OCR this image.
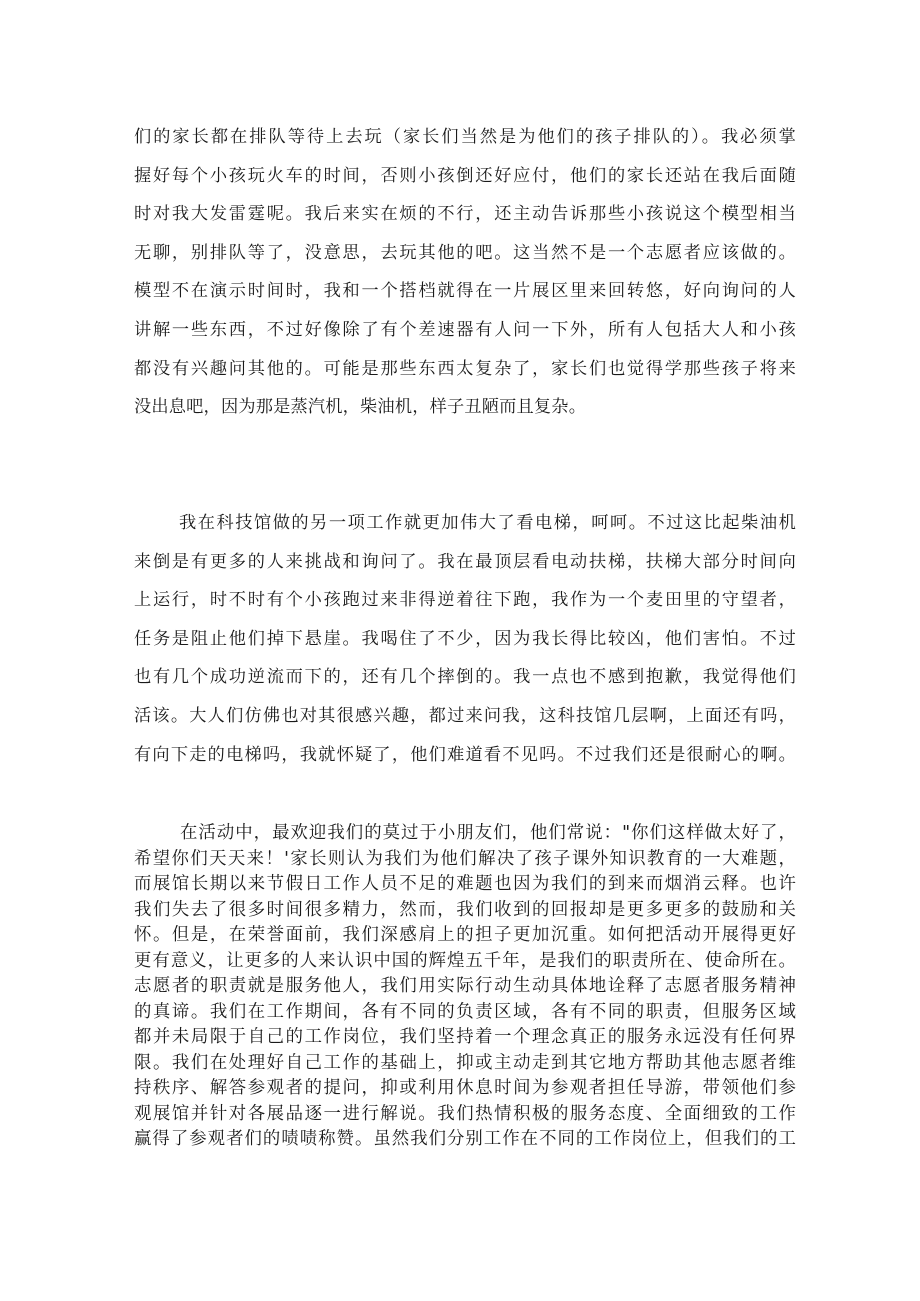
们的家长都在排队等待上去玩（家长们当然是为他们的孩子排队的）。我必须掌
握好每个小孩玩火车的时间，否则小孩倒还好应付，他们的家长还站在我后面随
时对我大发雷霆呢。我后来实在烦的不行，还主动告诉那些小孩说这个模型相当
无聊，别排队等了，没意思，去玩其他的吧。这当然不是一个志愿者应该做的。
模型不在演示时间时，我和一个搭档就得在一片展区里来回转悠，好向询问的人
讲解一些东西，不过好像除了有个差速器有人问一下外，所有人包括大人和小孩
都没有兴趣问其他的。可能是那些东西太复杂了，家长们也觉得学那些孩子将来
没出息吧，因为那是蒸汽机，柴油机，样子丑陋而且复杂。
我在科技馆做的另一项工作就更加伟大了看电梯，呵呵。不过这比起柴油机
来倒是有更多的人来挑战和询问了。我在最顶层看电动扶梯，扶梯大部分时间向
上运行，时不时有个小孩跑过来非得逆着往下跑，我作为一个麦田里的守望者，
任务是阻止他们掉下悬崖。我喝住了不少，因为我长得比较凶，他们害怕。不过
也有几个成功逆流而下的，还有几个摔倒的。我一点也不感到抱歉，我觉得他们
活该。大人们仿佛也对其很感兴趣，都过来问我，这科技馆几层啊，上面还有吗，
有向下走的电梯吗，我就怀疑了，他们难道看不见吗。不过我们还是很耐心的啊。
在活动中，最欢迎我们的莫过于小朋友们，他们常说："你们这样做太好了，
希望你们天天来！'家长则认为我们为他们解决了孩子课外知识教育的一大难题，
而展馆长期以来节假日工作人员不足的难题也因为我们的到来而烟消云释。也许
我们失去了很多时间很多精力，然而，我们收到的回报却是更多更多的鼓励和关
怀。但是，在荣誉面前，我们深感肩上的担子更加沉重。如何把活动开展得更好
更有意义，让更多的人来认识中国的辉煌五千年，是我们的职责所在、使命所在。
志愿者的职责就是服务他人，我们用实际行动生动具体地诠释了志愿者服务精神
的真谛。我们在工作期间，各有不同的负责区域，各有不同的职责，但服务区域
都并未局限于自己的工作岗位，我们坚持着一个理念真正的服务永远没有任何界
限。我们在处理好自己工作的基础上，抑或主动走到其它地方帮助其他志愿者维
持秩序、解答参观者的提问，抑或利用休息时间为参观者担任导游，带领他们参
观展馆并针对各展品逐一进行解说。我们热情积极的服务态度、全面细致的工作
赢得了参观者们的啧啧称赞。虽然我们分别工作在不同的工作岗位上，但我们的工
